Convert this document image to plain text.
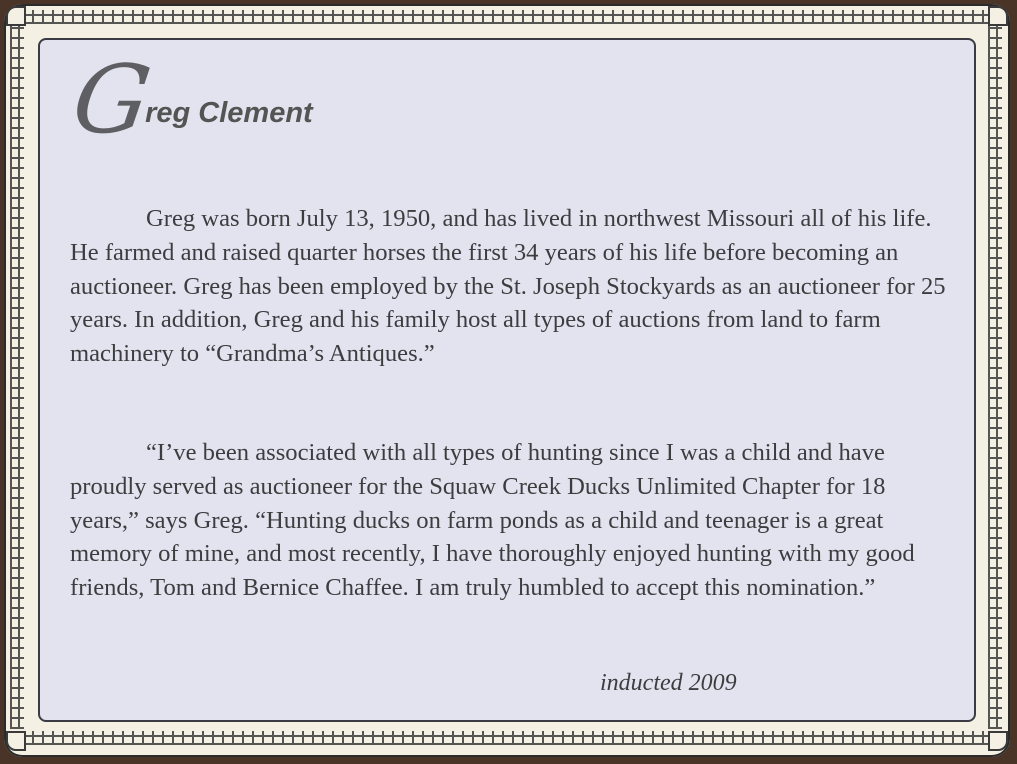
G
reg Clement

Greg was born July 13, 1950, and has lived in northwest Missouri all of his life. He farmed and raised quarter horses the first 34 years of his life before becoming an auctioneer. Greg has been employed by the St. Joseph Stockyards as an auctioneer for 25 years. In addition, Greg and his family host all types of auctions from land to farm machinery to “Grandma’s Antiques.”

“I’ve been associated with all types of hunting since I was a child and have proudly served as auctioneer for the Squaw Creek Ducks Unlimited Chapter for 18 years,” says Greg. “Hunting ducks on farm ponds as a child and teenager is a great memory of mine, and most recently, I have thoroughly enjoyed hunting with my good friends, Tom and Bernice Chaffee. I am truly humbled to accept this nomination.”

inducted 2009
